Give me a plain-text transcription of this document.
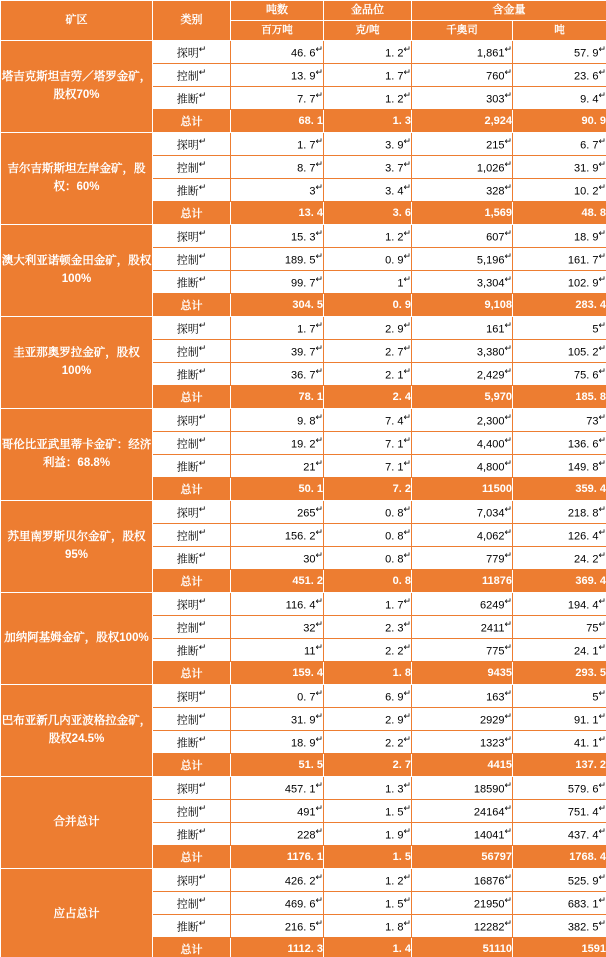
矿区	类别	吨数	金品位	含金量	
		百万吨	克/吨	千奥司	吨
塔吉克斯坦吉劳／塔罗金矿，股权70%	探明↵	46. 6↵	1. 2↵	1,861↵	57. 9↵
	控制↵	13. 9↵	1. 7↵	760↵	23. 6↵
	推断↵	7. 7↵	1. 2↵	303↵	9. 4↵
	总计	68. 1	1. 3	2,924	90. 9
吉尔吉斯斯坦左岸金矿，股权：60%	探明↵	1. 7↵	3. 9↵	215↵	6. 7↵
	控制↵	8. 7↵	3. 7↵	1,026↵	31. 9↵
	推断↵	3↵	3. 4↵	328↵	10. 2↵
	总计	13. 4	3. 6	1,569	48. 8
澳大利亚诺顿金田金矿，股权100%	探明↵	15. 3↵	1. 2↵	607↵	18. 9↵
	控制↵	189. 5↵	0. 9↵	5,196↵	161. 7↵
	推断↵	99. 7↵	1↵	3,304↵	102. 9↵
	总计	304. 5	0. 9	9,108	283. 4
圭亚那奥罗拉金矿，股权100%	探明↵	1. 7↵	2. 9↵	161↵	5↵
	控制↵	39. 7↵	2. 7↵	3,380↵	105. 2↵
	推断↵	36. 7↵	2. 1↵	2,429↵	75. 6↵
	总计	78. 1	2. 4	5,970	185. 8
哥伦比亚武里蒂卡金矿：经济利益：68.8%	探明↵	9. 8↵	7. 4↵	2,300↵	73↵
	控制↵	19. 2↵	7. 1↵	4,400↵	136. 6↵
	推断↵	21↵	7. 1↵	4,800↵	149. 8↵
	总计	50. 1	7. 2	11500	359. 4
苏里南罗斯贝尔金矿，股权95%	探明↵	265↵	0. 8↵	7,034↵	218. 8↵
	控制↵	156. 2↵	0. 8↵	4,062↵	126. 4↵
	推断↵	30↵	0. 8↵	779↵	24. 2↵
	总计	451. 2	0. 8	11876	369. 4
加纳阿基姆金矿，股权100%	探明↵	116. 4↵	1. 7↵	6249↵	194. 4↵
	控制↵	32↵	2. 3↵	2411↵	75↵
	推断↵	11↵	2. 2↵	775↵	24. 1↵
	总计	159. 4	1. 8	9435	293. 5
巴布亚新几内亚波格拉金矿，股权24.5%	探明↵	0. 7↵	6. 9↵	163↵	5↵
	控制↵	31. 9↵	2. 9↵	2929↵	91. 1↵
	推断↵	18. 9↵	2. 2↵	1323↵	41. 1↵
	总计	51. 5	2. 7	4415	137. 2
合并总计	探明↵	457. 1↵	1. 3↵	18590↵	579. 6↵
	控制↵	491↵	1. 5↵	24164↵	751. 4↵
	推断↵	228↵	1. 9↵	14041↵	437. 4↵
	总计	1176. 1	1. 5	56797	1768. 4
应占总计	探明↵	426. 2↵	1. 2↵	16876↵	525. 9↵
	控制↵	469. 6↵	1. 5↵	21950↵	683. 1↵
	推断↵	216. 5↵	1. 8↵	12282↵	382. 5↵
	总计	1112. 3	1. 4	51110	1591
